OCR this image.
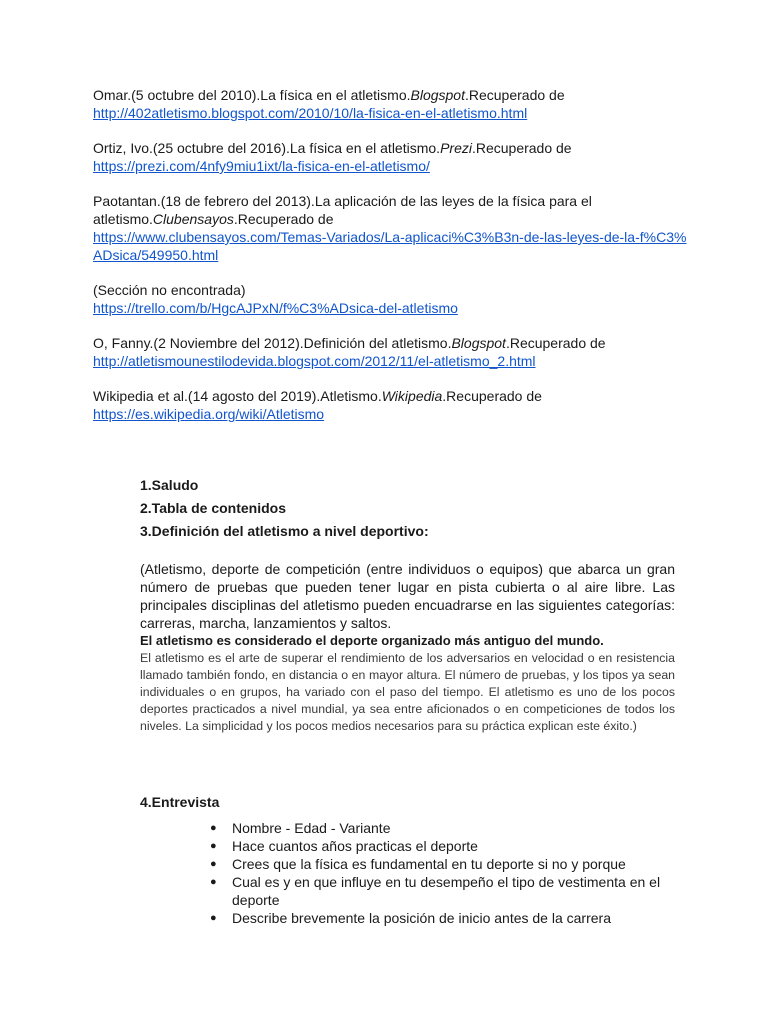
Omar.(5 octubre del 2010).La física en el atletismo.Blogspot.Recuperado de
http://402atletismo.blogspot.com/2010/10/la-fisica-en-el-atletismo.html

Ortiz, Ivo.(25 octubre del 2016).La física en el atletismo.Prezi.Recuperado de
https://prezi.com/4nfy9miu1ixt/la-fisica-en-el-atletismo/

Paotantan.(18 de febrero del 2013).La aplicación de las leyes de la física para el atletismo.Clubensayos.Recuperado de
https://www.clubensayos.com/Temas-Variados/La-aplicaci%C3%B3n-de-las-leyes-de-la-f%C3%ADsica/549950.html

(Sección no encontrada)
https://trello.com/b/HgcAJPxN/f%C3%ADsica-del-atletismo

O, Fanny.(2 Noviembre del 2012).Definición del atletismo.Blogspot.Recuperado de
http://atletismounestilodevida.blogspot.com/2012/11/el-atletismo_2.html

Wikipedia et al.(14 agosto del 2019).Atletismo.Wikipedia.Recuperado de
https://es.wikipedia.org/wiki/Atletismo

1.Saludo
2.Tabla de contenidos
3.Definición del atletismo a nivel deportivo:

(Atletismo, deporte de competición (entre individuos o equipos) que abarca un gran número de pruebas que pueden tener lugar en pista cubierta o al aire libre. Las principales disciplinas del atletismo pueden encuadrarse en las siguientes categorías: carreras, marcha, lanzamientos y saltos.

El atletismo es considerado el deporte organizado más antiguo del mundo.

El atletismo es el arte de superar el rendimiento de los adversarios en velocidad o en resistencia llamado también fondo, en distancia o en mayor altura. El número de pruebas, y los tipos ya sean individuales o en grupos, ha variado con el paso del tiempo. El atletismo es uno de los pocos deportes practicados a nivel mundial, ya sea entre aficionados o en competiciones de todos los niveles. La simplicidad y los pocos medios necesarios para su práctica explican este éxito.)

4.Entrevista
● Nombre - Edad - Variante
● Hace cuantos años practicas el deporte
● Crees que la física es fundamental en tu deporte si no y porque
● Cual es y en que influye en tu desempeño el tipo de vestimenta en el deporte
● Describe brevemente la posición de inicio antes de la carrera
